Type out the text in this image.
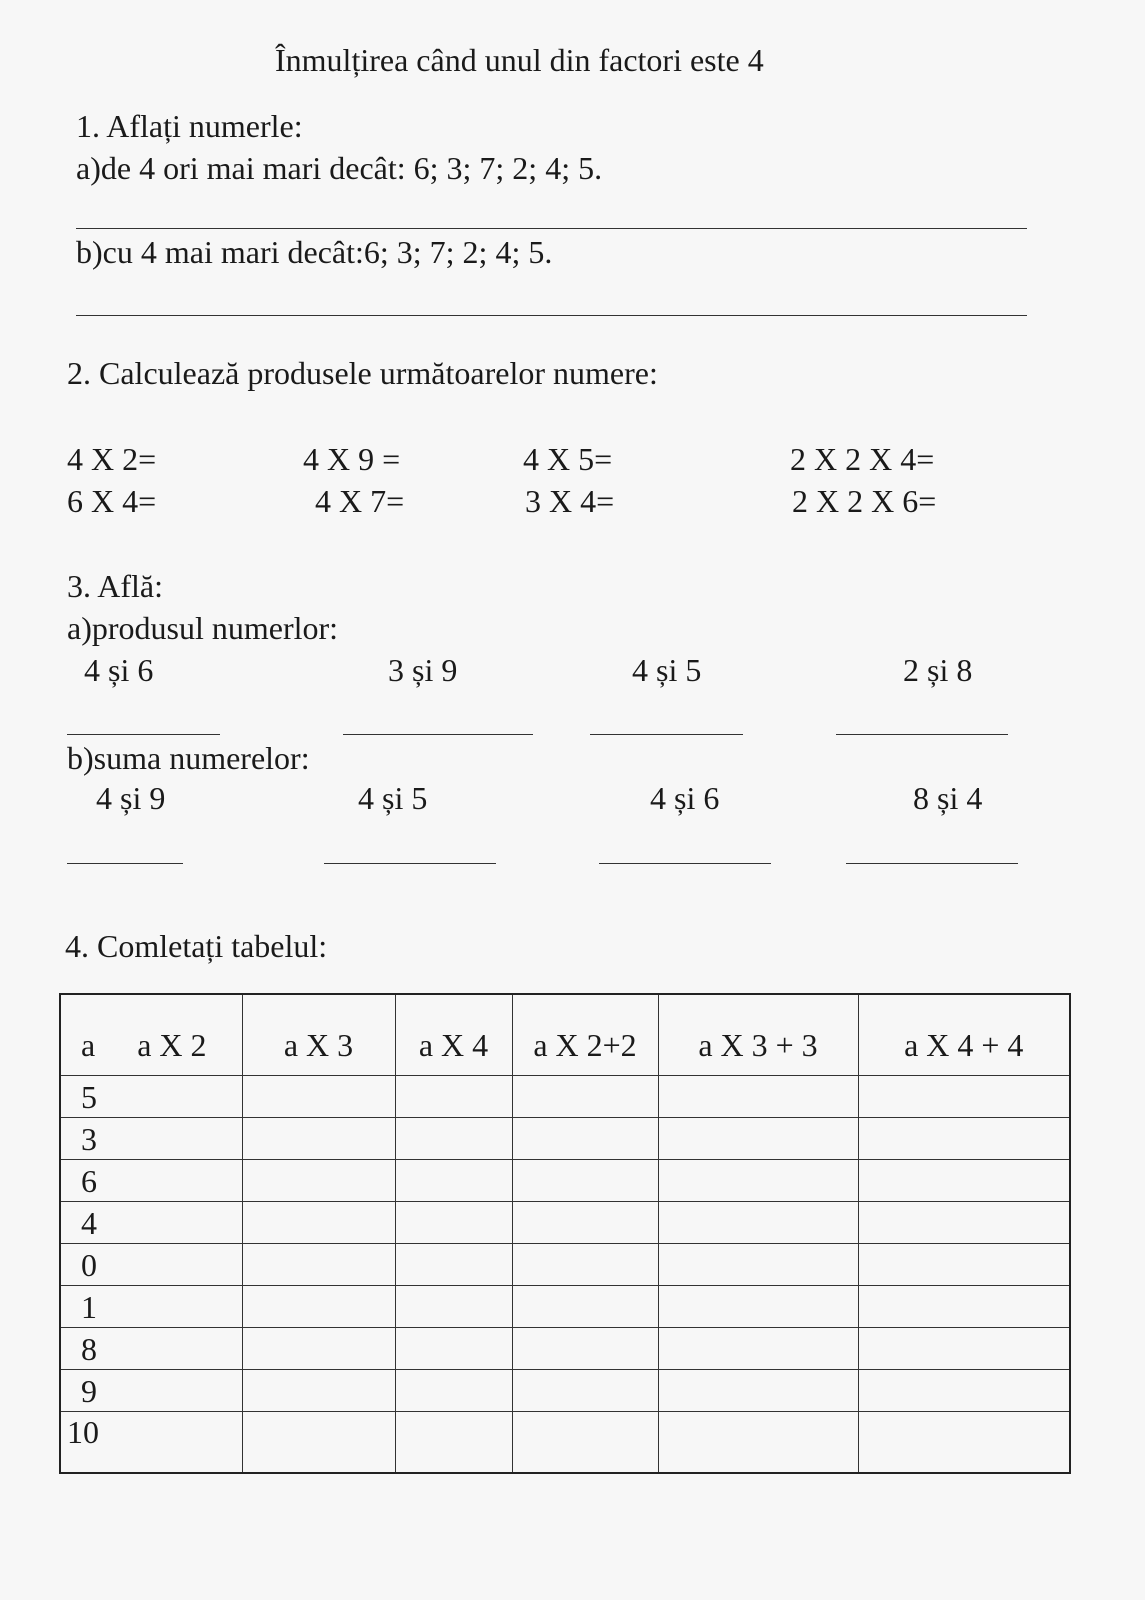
Înmulțirea când unul din factori este 4
1. Aflați numerle:
a)de 4 ori mai mari decât: 6; 3; 7; 2; 4; 5.
b)cu 4 mai mari decât:6; 3; 7; 2; 4; 5.
2. Calculează produsele următoarelor numere:
4 X 2=	4 X 9 =	4 X 5=	2 X 2 X 4=
6 X 4=	4 X 7=	3 X 4=	2 X 2 X 6=
3. Află:
a)produsul numerlor:
4 și 6	3 și 9	4 și 5	2 și 8
b)suma numerelor:
4 și 9	4 și 5	4 și 6	8 și 4
4. Comletați tabelul:
a a X 2	a X 3	a X 4	a X 2+2	a X 3 + 3	a X 4 + 4
5					
3					
6					
4					
0					
1					
8					
9					
10					
